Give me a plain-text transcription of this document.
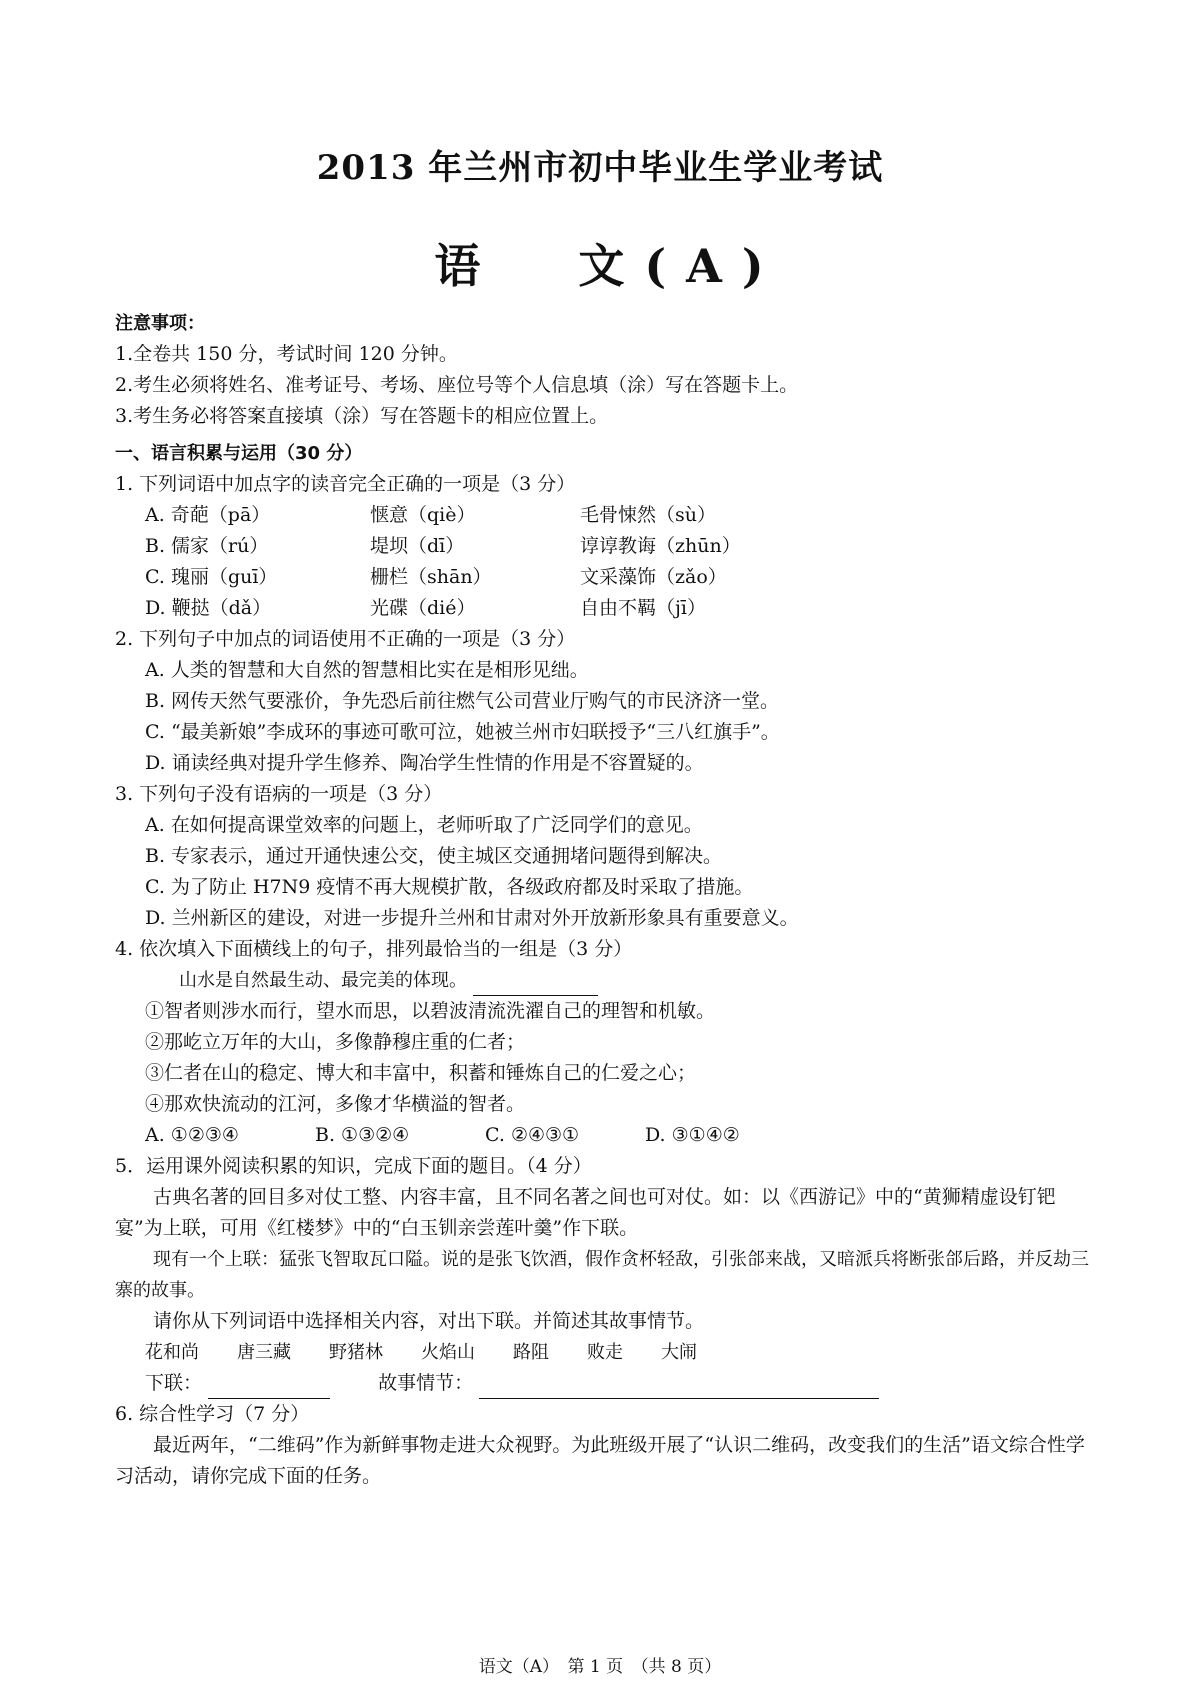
2013 年兰州市初中毕业生学业考试
语　　文 ( A )
注意事项：
1.全卷共 150 分，考试时间 120 分钟。
2.考生必须将姓名、准考证号、考场、座位号等个人信息填（涂）写在答题卡上。
3.考生务必将答案直接填（涂）写在答题卡的相应位置上。
一、语言积累与运用（30 分）
1. 下列词语中加点字的读音完全正确的一项是（3 分）
A. 奇葩（pā）	惬意（qiè）	毛骨悚然（sù）
B. 儒家（rú）	堤坝（dī）	谆谆教诲（zhūn）
C. 瑰丽（guī）	栅栏（shān）	文采藻饰（zǎo）
D. 鞭挞（dǎ）	光碟（dié）	自由不羁（jī）
2. 下列句子中加点的词语使用不正确的一项是（3 分）
A. 人类的智慧和大自然的智慧相比实在是相形见绌。
B. 网传天然气要涨价，争先恐后前往燃气公司营业厅购气的市民济济一堂。
C. “最美新娘”李成环的事迹可歌可泣，她被兰州市妇联授予“三八红旗手”。
D. 诵读经典对提升学生修养、陶冶学生性情的作用是不容置疑的。
3. 下列句子没有语病的一项是（3 分）
A. 在如何提高课堂效率的问题上，老师听取了广泛同学们的意见。
B. 专家表示，通过开通快速公交，使主城区交通拥堵问题得到解决。
C. 为了防止 H7N9 疫情不再大规模扩散，各级政府都及时采取了措施。
D. 兰州新区的建设，对进一步提升兰州和甘肃对外开放新形象具有重要意义。
4. 依次填入下面横线上的句子，排列最恰当的一组是（3 分）
山水是自然最生动、最完美的体现。
①智者则涉水而行，望水而思，以碧波清流洗濯自己的理智和机敏。
②那屹立万年的大山，多像静穆庄重的仁者；
③仁者在山的稳定、博大和丰富中，积蓄和锤炼自己的仁爱之心；
④那欢快流动的江河，多像才华横溢的智者。
A. ①②③④	B. ①③②④	C. ②④③①	D. ③①④②
5．运用课外阅读积累的知识，完成下面的题目。（4 分）
古典名著的回目多对仗工整、内容丰富，且不同名著之间也可对仗。如：以《西游记》中的“黄狮精虚设钉钯宴”为上联，可用《红楼梦》中的“白玉钏亲尝莲叶羹”作下联。
现有一个上联：猛张飞智取瓦口隘。说的是张飞饮酒，假作贪杯轻敌，引张郃来战，又暗派兵将断张郃后路，并反劫三寨的故事。
请你从下列词语中选择相关内容，对出下联。并简述其故事情节。
花和尚 唐三藏 野猪林 火焰山 路阻 败走 大闹
下联：	故事情节：
6. 综合性学习（7 分）
最近两年，“二维码”作为新鲜事物走进大众视野。为此班级开展了“认识二维码，改变我们的生活”语文综合性学习活动，请你完成下面的任务。
语文（A）　第 1 页　（共 8 页）
